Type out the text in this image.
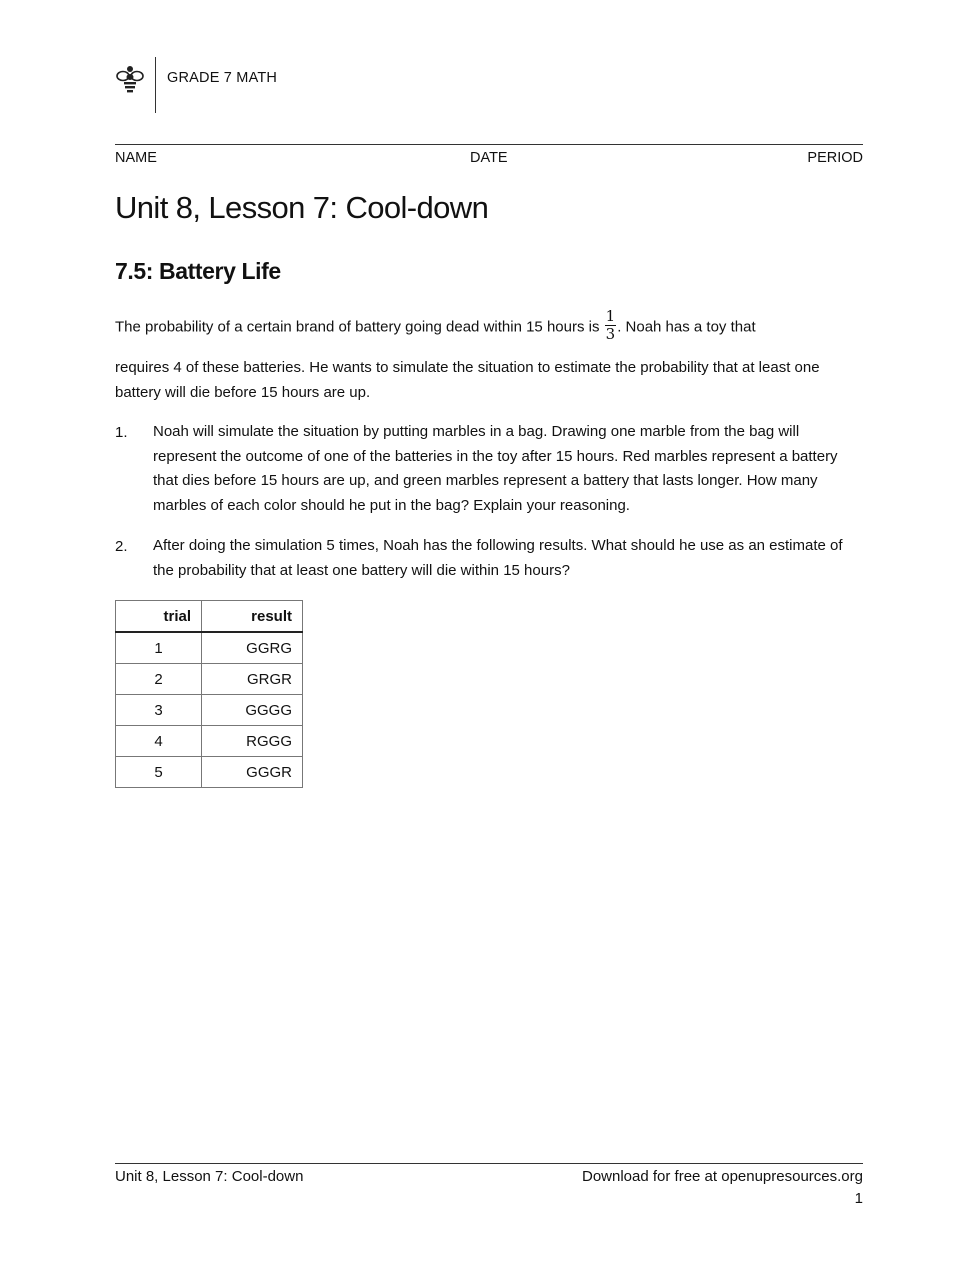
GRADE 7 MATH
NAME	DATE	PERIOD
Unit 8, Lesson 7: Cool-down
7.5: Battery Life
The probability of a certain brand of battery going dead within 15 hours is $\frac{1}{3}$ . Noah has a toy that
requires 4 of these batteries. He wants to simulate the situation to estimate the probability that at least one battery will die before 15 hours are up.
1. Noah will simulate the situation by putting marbles in a bag. Drawing one marble from the bag will represent the outcome of one of the batteries in the toy after 15 hours. Red marbles represent a battery that dies before 15 hours are up, and green marbles represent a battery that lasts longer. How many marbles of each color should he put in the bag? Explain your reasoning.
2. After doing the simulation 5 times, Noah has the following results. What should he use as an estimate of the probability that at least one battery will die within 15 hours?
trial	result
1	GGRG
2	GRGR
3	GGGG
4	RGGG
5	GGGR
Unit 8, Lesson 7: Cool-down	Download for free at openupresources.org
1
